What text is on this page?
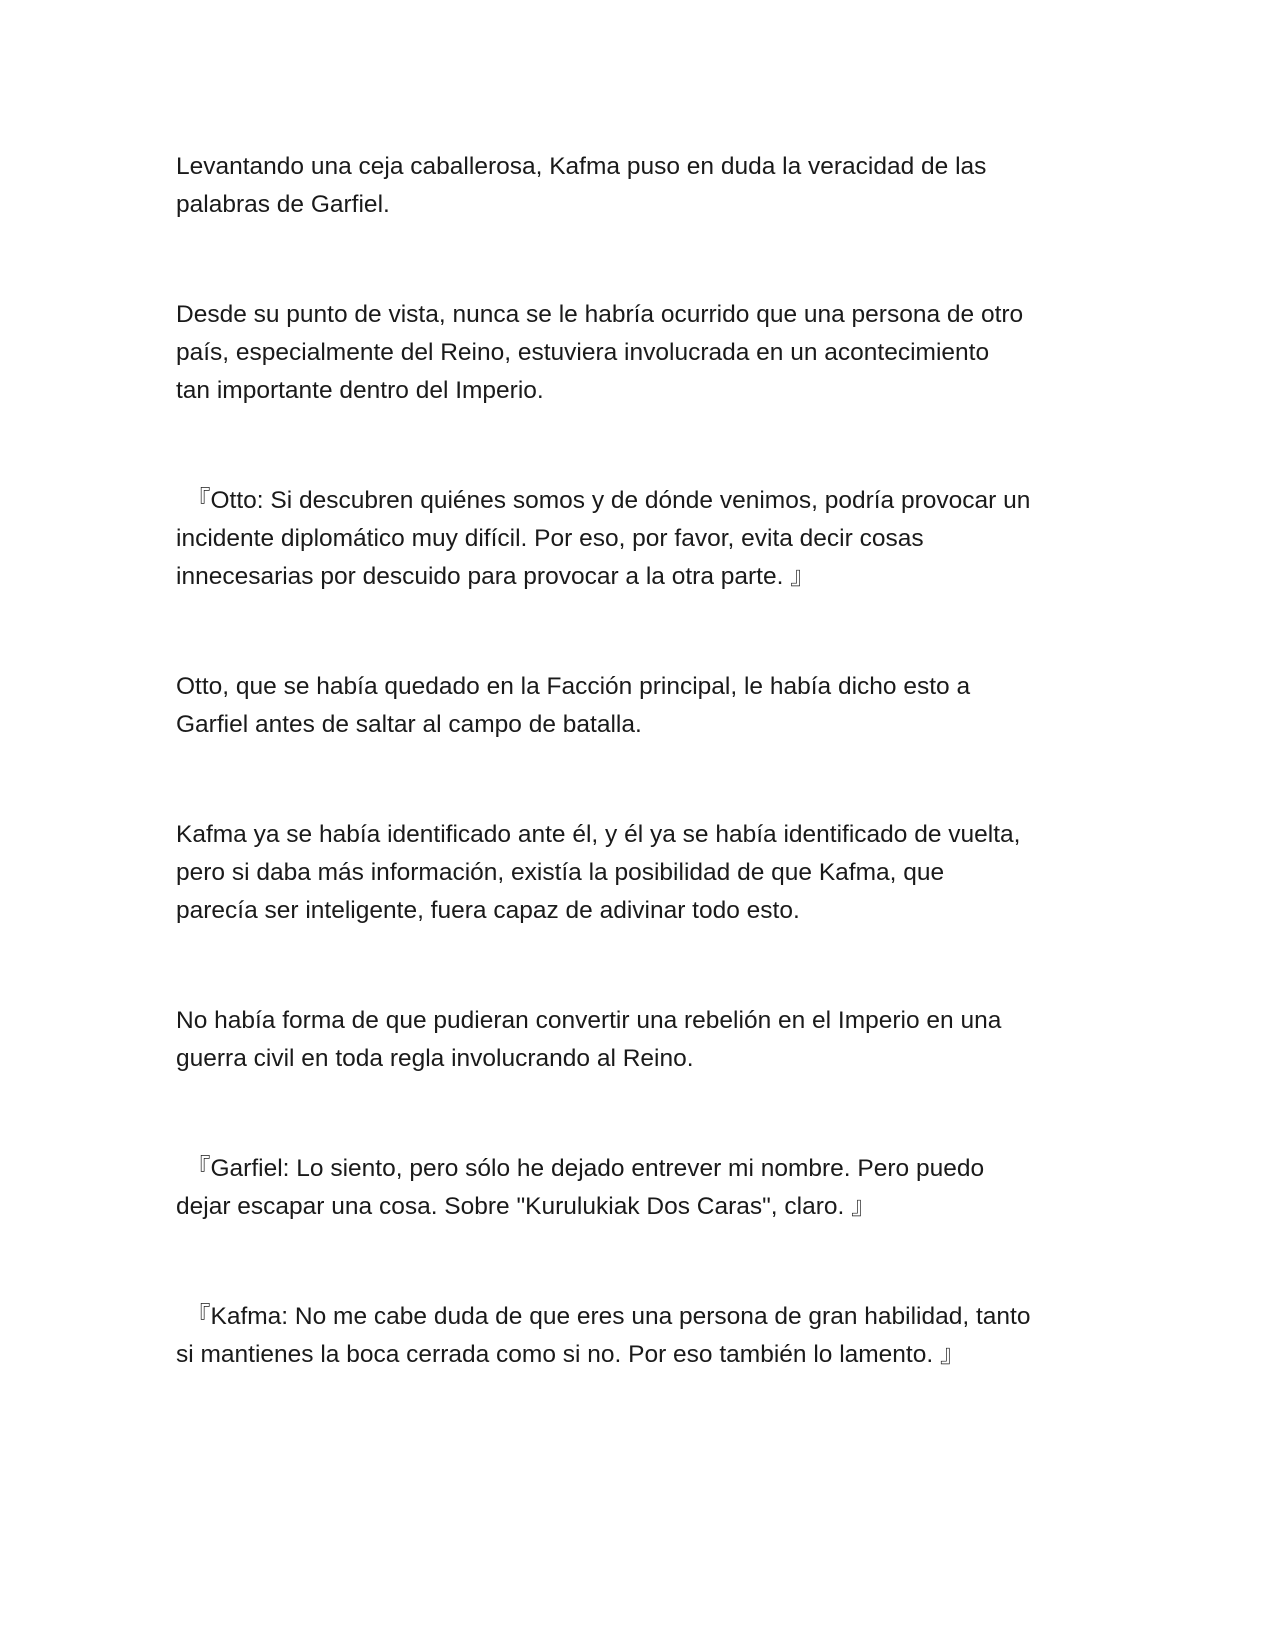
Levantando una ceja caballerosa, Kafma puso en duda la veracidad de las
palabras de Garfiel.

Desde su punto de vista, nunca se le habría ocurrido que una persona de otro
país, especialmente del Reino, estuviera involucrada en un acontecimiento
tan importante dentro del Imperio.

『Otto: Si descubren quiénes somos y de dónde venimos, podría provocar un
incidente diplomático muy difícil. Por eso, por favor, evita decir cosas
innecesarias por descuido para provocar a la otra parte. 』

Otto, que se había quedado en la Facción principal, le había dicho esto a
Garfiel antes de saltar al campo de batalla.

Kafma ya se había identificado ante él, y él ya se había identificado de vuelta,
pero si daba más información, existía la posibilidad de que Kafma, que
parecía ser inteligente, fuera capaz de adivinar todo esto.

No había forma de que pudieran convertir una rebelión en el Imperio en una
guerra civil en toda regla involucrando al Reino.

『Garfiel: Lo siento, pero sólo he dejado entrever mi nombre. Pero puedo
dejar escapar una cosa. Sobre "Kurulukiak Dos Caras", claro. 』

『Kafma: No me cabe duda de que eres una persona de gran habilidad, tanto
si mantienes la boca cerrada como si no. Por eso también lo lamento. 』
